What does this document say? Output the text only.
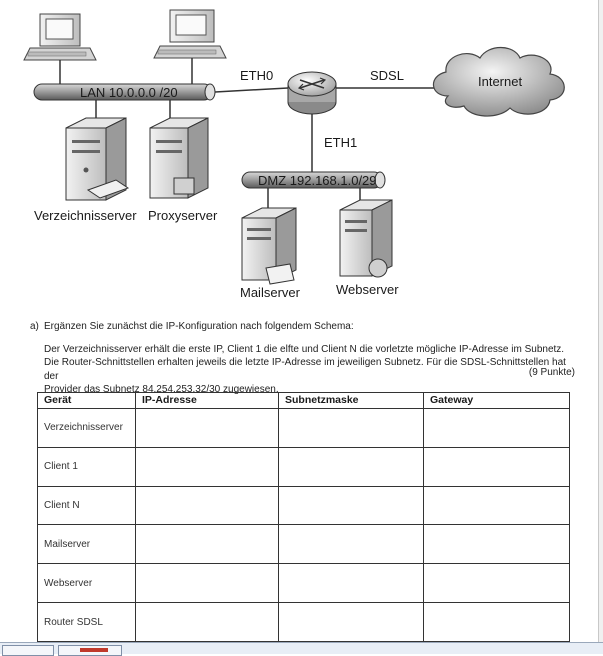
LAN 10.0.0.0 /20
ETH0	SDSL	Internet
ETH1
DMZ 192.168.1.0/29
Verzeichnisserver Proxyserver
Mailserver	Webserver
a) Ergänzen Sie zunächst die IP-Konfiguration nach folgendem Schema:
Der Verzeichnisserver erhält die erste IP, Client 1 die elfte und Client N die vorletzte mögliche IP-Adresse im Subnetz.
Die Router-Schnittstellen erhalten jeweils die letzte IP-Adresse im jeweiligen Subnetz. Für die SDSL-Schnittstellen hat der
Provider das Subnetz 84.254.253.32/30 zugewiesen.
(9 Punkte)
Gerät	IP-Adresse	Subnetzmaske	Gateway
Verzeichnisserver			
Client 1			
Client N			
Mailserver			
Webserver			
Router SDSL			
